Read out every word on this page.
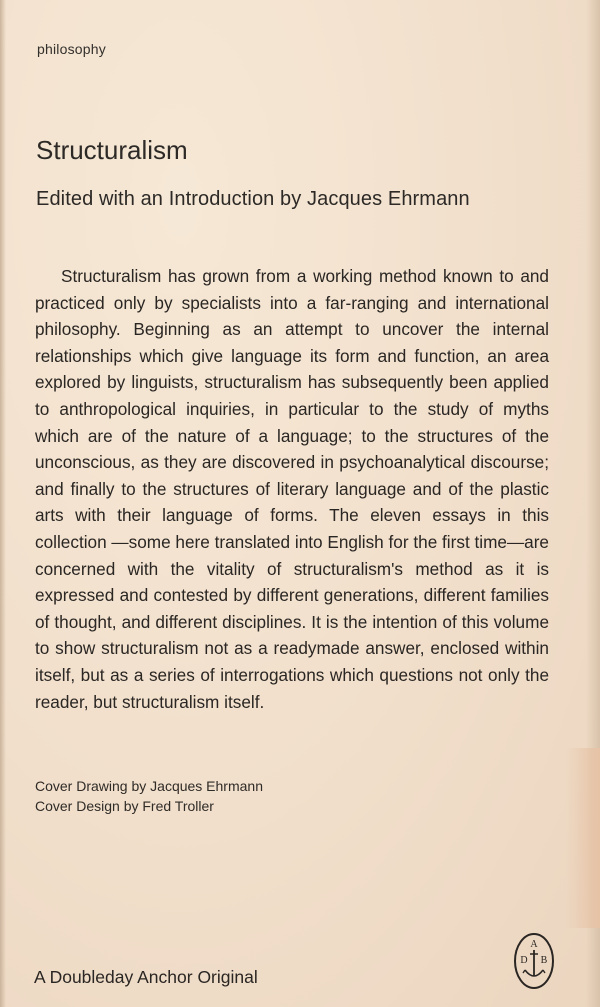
philosophy
Structuralism
Edited with an Introduction by Jacques Ehrmann

Structuralism has grown from a working method known to and practiced only by specialists into a far-ranging and international philosophy. Beginning as an attempt to uncover the internal relationships which give language its form and function, an area explored by linguists, structuralism has subsequently been applied to anthropological inquiries, in particular to the study of myths which are of the nature of a language; to the structures of the unconscious, as they are discovered in psychoanalytical discourse; and finally to the structures of literary language and of the plastic arts with their language of forms. The eleven essays in this collection —some here translated into English for the first time—are concerned with the vitality of structuralism's method as it is expressed and contested by different generations, different families of thought, and different disciplines. It is the intention of this volume to show structuralism not as a readymade answer, enclosed within itself, but as a series of interrogations which questions not only the reader, but structuralism itself.

Cover Drawing by Jacques Ehrmann
Cover Design by Fred Troller
A Doubleday Anchor Original
A
D B
